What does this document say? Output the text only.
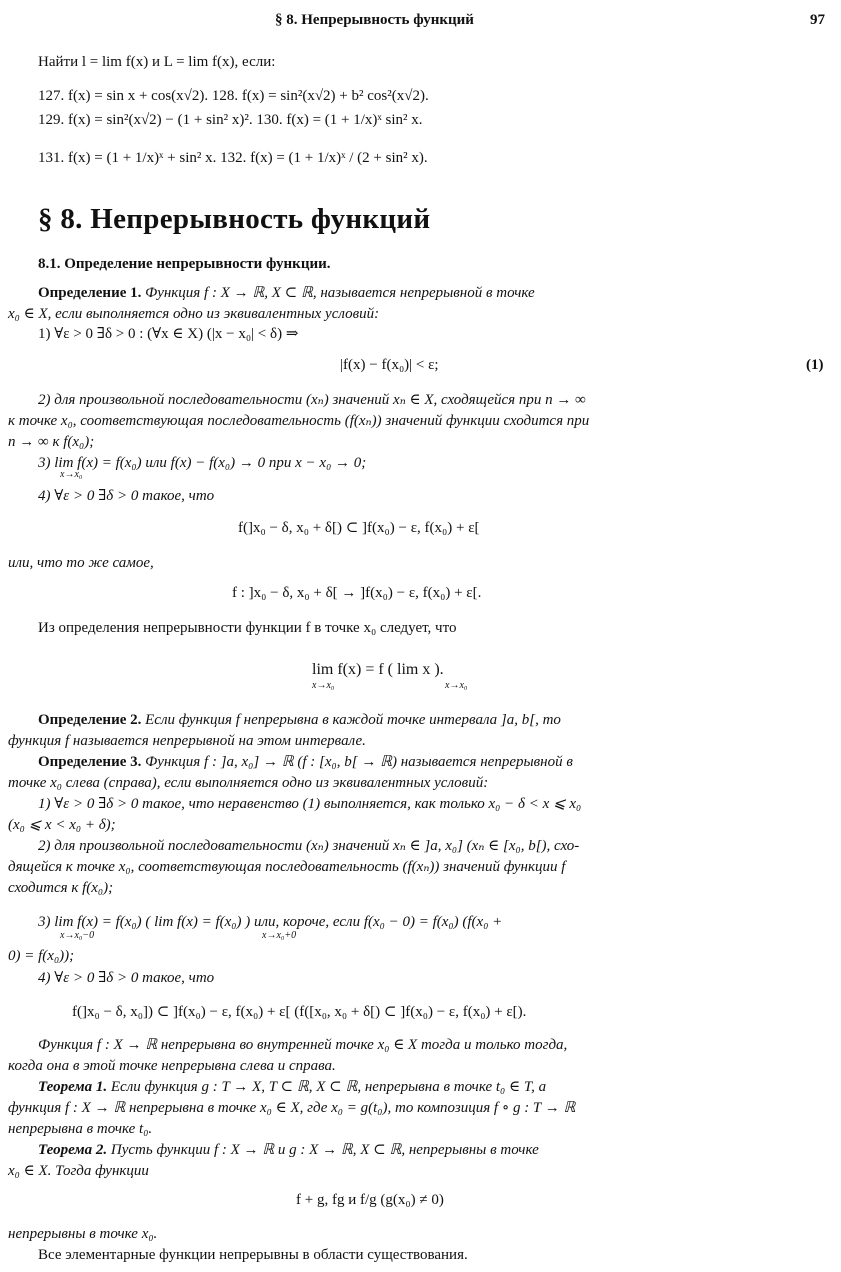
§ 8. Непрерывность функций	97
Найти l = lim f(x) и L = lim f(x), если:
127. f(x) = sin x + cos(x√2). 128. f(x) = sin²(x√2) + b² cos²(x√2).
129. f(x) = sin²(x√2) − (1 + sin² x)². 130. f(x) = (1 + 1/x)ˣ sin² x.
131. f(x) = (1 + 1/x)ˣ + sin² x. 132. f(x) = (1 + 1/x)ˣ / (2 + sin² x).
§ 8. Непрерывность функций
8.1. Определение непрерывности функции.
Определение 1. Функция f : X → ℝ, X ⊂ ℝ, называется непрерывной в точке
x₀ ∈ X, если выполняется одно из эквивалентных условий:
1) ∀ε > 0 ∃δ > 0 : (∀x ∈ X) (|x − x₀| < δ) ⇒
|f(x) − f(x₀)| < ε;	(1)
2) для произвольной последовательности (xₙ) значений xₙ ∈ X, сходящейся при n → ∞
к точке x₀, соответствующая последовательность (f(xₙ)) значений функции сходится при
n → ∞ к f(x₀);
3) lim f(x) = f(x₀) или f(x) − f(x₀) → 0 при x − x₀ → 0;
x→x₀
4) ∀ε > 0 ∃δ > 0 такое, что
f(]x₀ − δ, x₀ + δ[) ⊂ ]f(x₀) − ε, f(x₀) + ε[
или, что то же самое,
f : ]x₀ − δ, x₀ + δ[ → ]f(x₀) − ε, f(x₀) + ε[.
Из определения непрерывности функции f в точке x₀ следует, что
lim f(x) = f ( lim x ).
x→x₀	x→x₀
Определение 2. Если функция f непрерывна в каждой точке интервала ]a, b[, то
функция f называется непрерывной на этом интервале.
Определение 3. Функция f : ]a, x₀] → ℝ (f : [x₀, b[ → ℝ) называется непрерывной в
точке x₀ слева (справа), если выполняется одно из эквивалентных условий:
1) ∀ε > 0 ∃δ > 0 такое, что неравенство (1) выполняется, как только x₀ − δ < x ⩽ x₀
(x₀ ⩽ x < x₀ + δ);
2) для произвольной последовательности (xₙ) значений xₙ ∈ ]a, x₀] (xₙ ∈ [x₀, b[), схо-
дящейся к точке x₀, соответствующая последовательность (f(xₙ)) значений функции f
сходится к f(x₀);
3) lim f(x) = f(x₀) ( lim f(x) = f(x₀) ) или, короче, если f(x₀ − 0) = f(x₀) (f(x₀ +
x→x₀−0	x→x₀+0
0) = f(x₀));
4) ∀ε > 0 ∃δ > 0 такое, что
f(]x₀ − δ, x₀]) ⊂ ]f(x₀) − ε, f(x₀) + ε[ (f([x₀, x₀ + δ[) ⊂ ]f(x₀) − ε, f(x₀) + ε[).
Функция f : X → ℝ непрерывна во внутренней точке x₀ ∈ X тогда и только тогда,
когда она в этой точке непрерывна слева и справа.
Теорема 1. Если функция g : T → X, T ⊂ ℝ, X ⊂ ℝ, непрерывна в точке t₀ ∈ T, а
функция f : X → ℝ непрерывна в точке x₀ ∈ X, где x₀ = g(t₀), то композиция f ∘ g : T → ℝ
непрерывна в точке t₀.
Теорема 2. Пусть функции f : X → ℝ и g : X → ℝ, X ⊂ ℝ, непрерывны в точке
x₀ ∈ X. Тогда функции
f + g, fg и f/g (g(x₀) ≠ 0)
непрерывны в точке x₀.
Все элементарные функции непрерывны в области существования.
